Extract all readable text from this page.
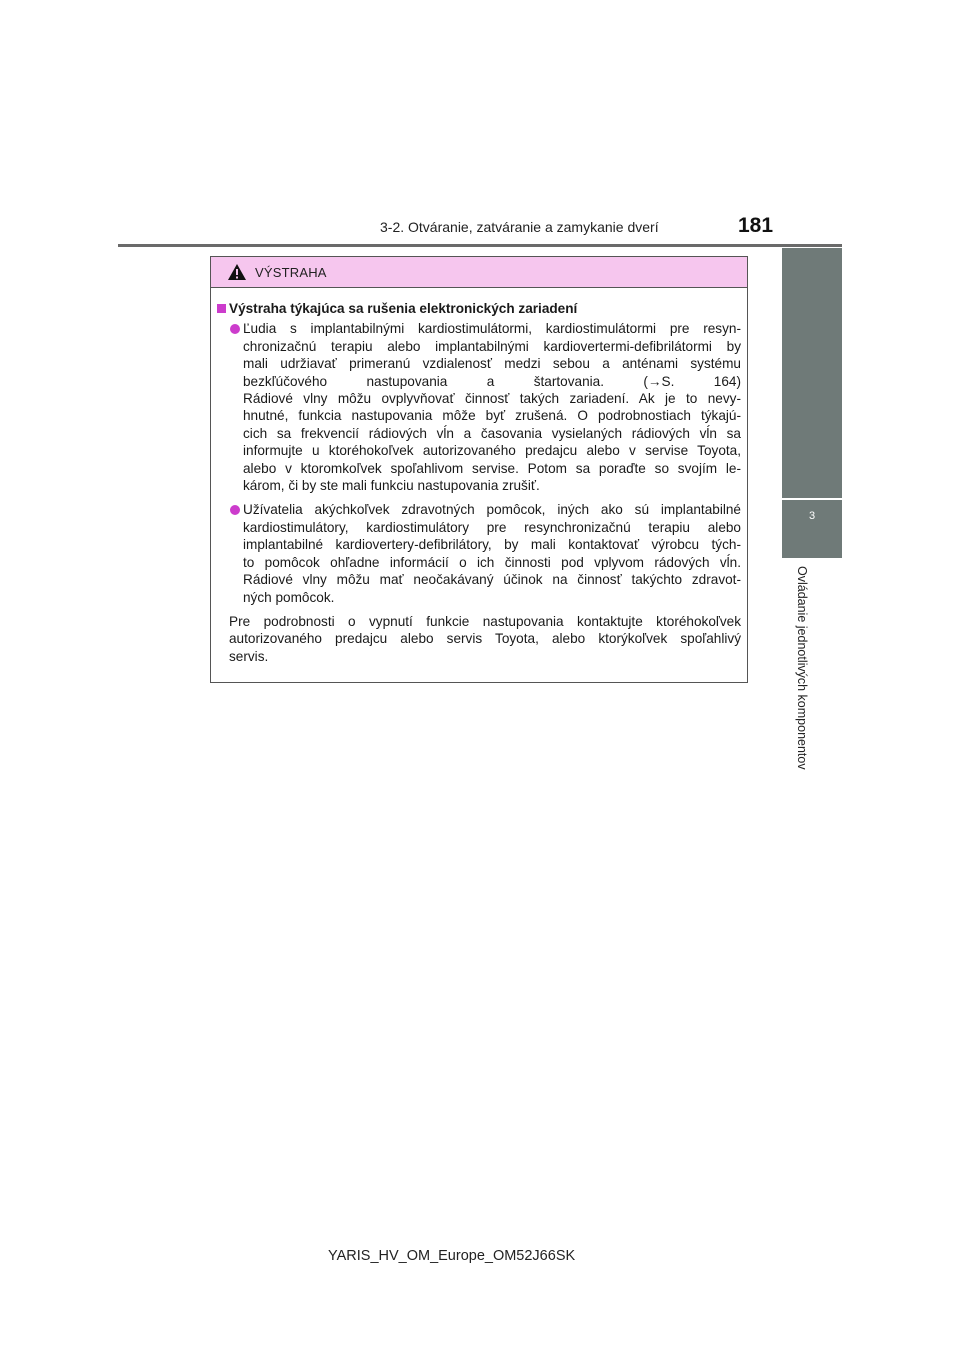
3-2. Otváranie, zatváranie a zamykanie dverí	181
3
Ovládanie jednotlivých komponentov
VÝSTRAHA
Výstraha týkajúca sa rušenia elektronických zariadení

Ľudia s implantabilnými kardiostimulátormi, kardiostimulátormi pre resyn-

chronizačnú terapiu alebo implantabilnými kardiovertermi-defibrilátormi by

mali udržiavať primeranú vzdialenosť medzi sebou a anténami systému

bezkľúčového nastupovania a štartovania. (→S. 164)

Rádiové vlny môžu ovplyvňovať činnosť takých zariadení. Ak je to nevy-

hnutné, funkcia nastupovania môže byť zrušená. O podrobnostiach týkajú-

cich sa frekvencií rádiových vĺn a časovania vysielaných rádiových vĺn sa

informujte u ktoréhokoľvek autorizovaného predajcu alebo v servise Toyota,

alebo v ktoromkoľvek spoľahlivom servise. Potom sa poraďte so svojím le-

károm, či by ste mali funkciu nastupovania zrušiť.

Užívatelia akýchkoľvek zdravotných pomôcok, iných ako sú implantabilné

kardiostimulátory, kardiostimulátory pre resynchronizačnú terapiu alebo

implantabilné kardiovertery-defibrilátory, by mali kontaktovať výrobcu tých-

to pomôcok ohľadne informácií o ich činnosti pod vplyvom rádových vĺn.

Rádiové vlny môžu mať neočakávaný účinok na činnosť takýchto zdravot-

ných pomôcok.

Pre podrobnosti o vypnutí funkcie nastupovania kontaktujte ktoréhokoľvek

autorizovaného predajcu alebo servis Toyota, alebo ktorýkoľvek spoľahlivý

servis.

YARIS_HV_OM_Europe_OM52J66SK
